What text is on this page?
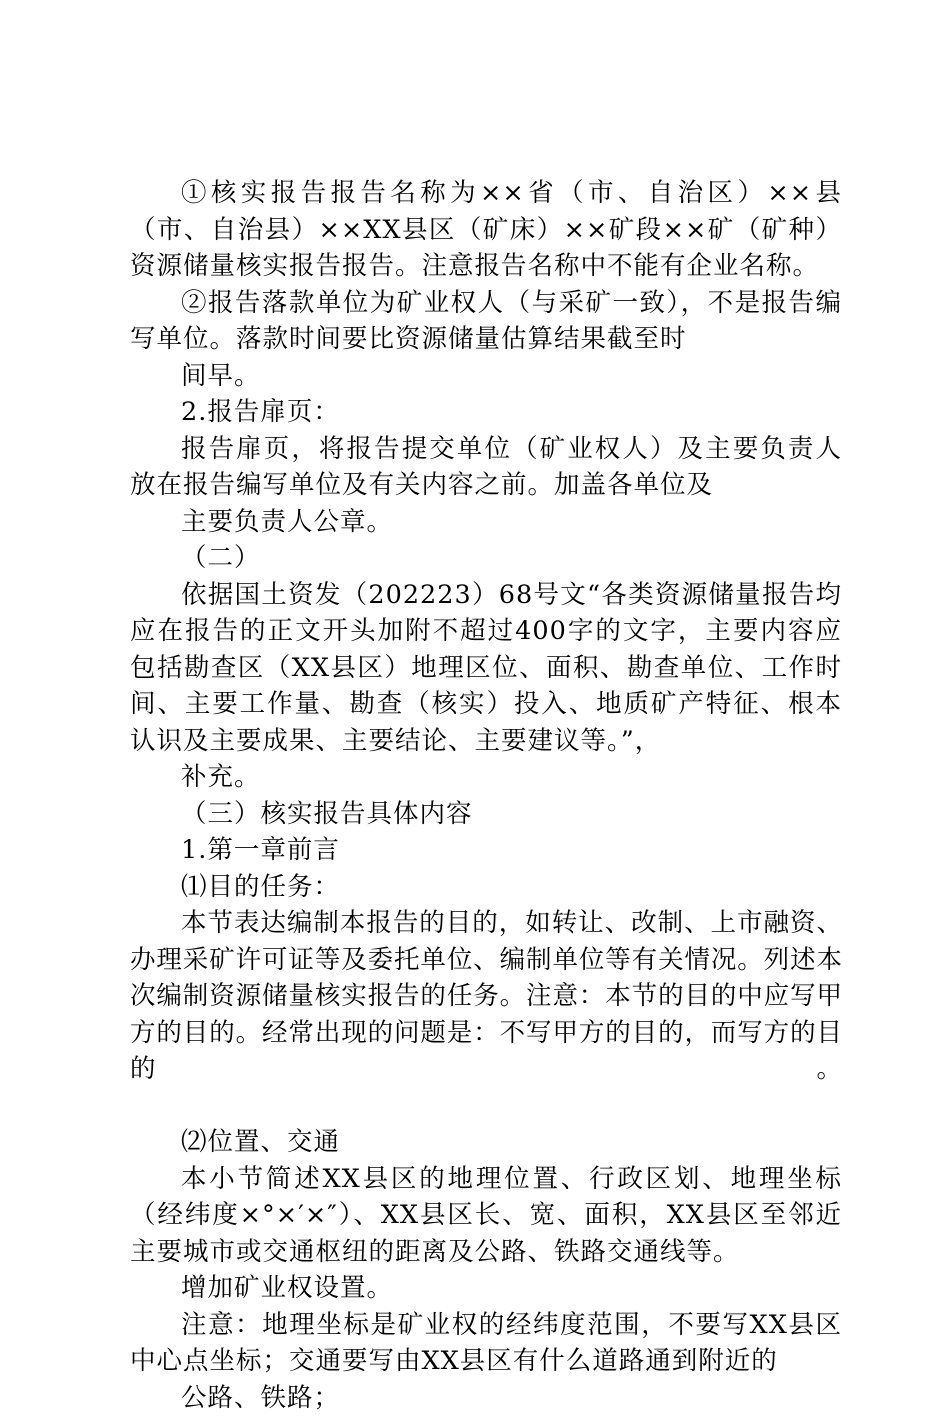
①核实报告报告名称为××省（市、自治区）××县（市、自治县）××XX县区（矿床）××矿段××矿（矿种）资源储量核实报告报告。注意报告名称中不能有企业名称。

②报告落款单位为矿业权人（与采矿一致），不是报告编写单位。落款时间要比资源储量估算结果截至时

间早。

2.报告扉页：

报告扉页，将报告提交单位（矿业权人）及主要负责人放在报告编写单位及有关内容之前。加盖各单位及

主要负责人公章。

（二）

依据国土资发（202223）68号文“各类资源储量报告均应在报告的正文开头加附不超过400字的文字，主要内容应包括勘查区（XX县区）地理区位、面积、勘查单位、工作时间、主要工作量、勘查（核实）投入、地质矿产特征、根本认识及主要成果、主要结论、主要建议等。”，

补充。

（三）核实报告具体内容

1.第一章前言

⑴目的任务：

本节表达编制本报告的目的，如转让、改制、上市融资、办理采矿许可证等及委托单位、编制单位等有关情况。列述本次编制资源储量核实报告的任务。注意：本节的目的中应写甲方的目的。经常出现的问题是：不写甲方的目的，而写方的目的。

⑵位置、交通

本小节简述XX县区的地理位置、行政区划、地理坐标（经纬度×°×′×″）、XX县区长、宽、面积，XX县区至邻近主要城市或交通枢纽的距离及公路、铁路交通线等。

增加矿业权设置。

注意：地理坐标是矿业权的经纬度范围，不要写XX县区中心点坐标；交通要写由XX县区有什么道路通到附近的

公路、铁路；
